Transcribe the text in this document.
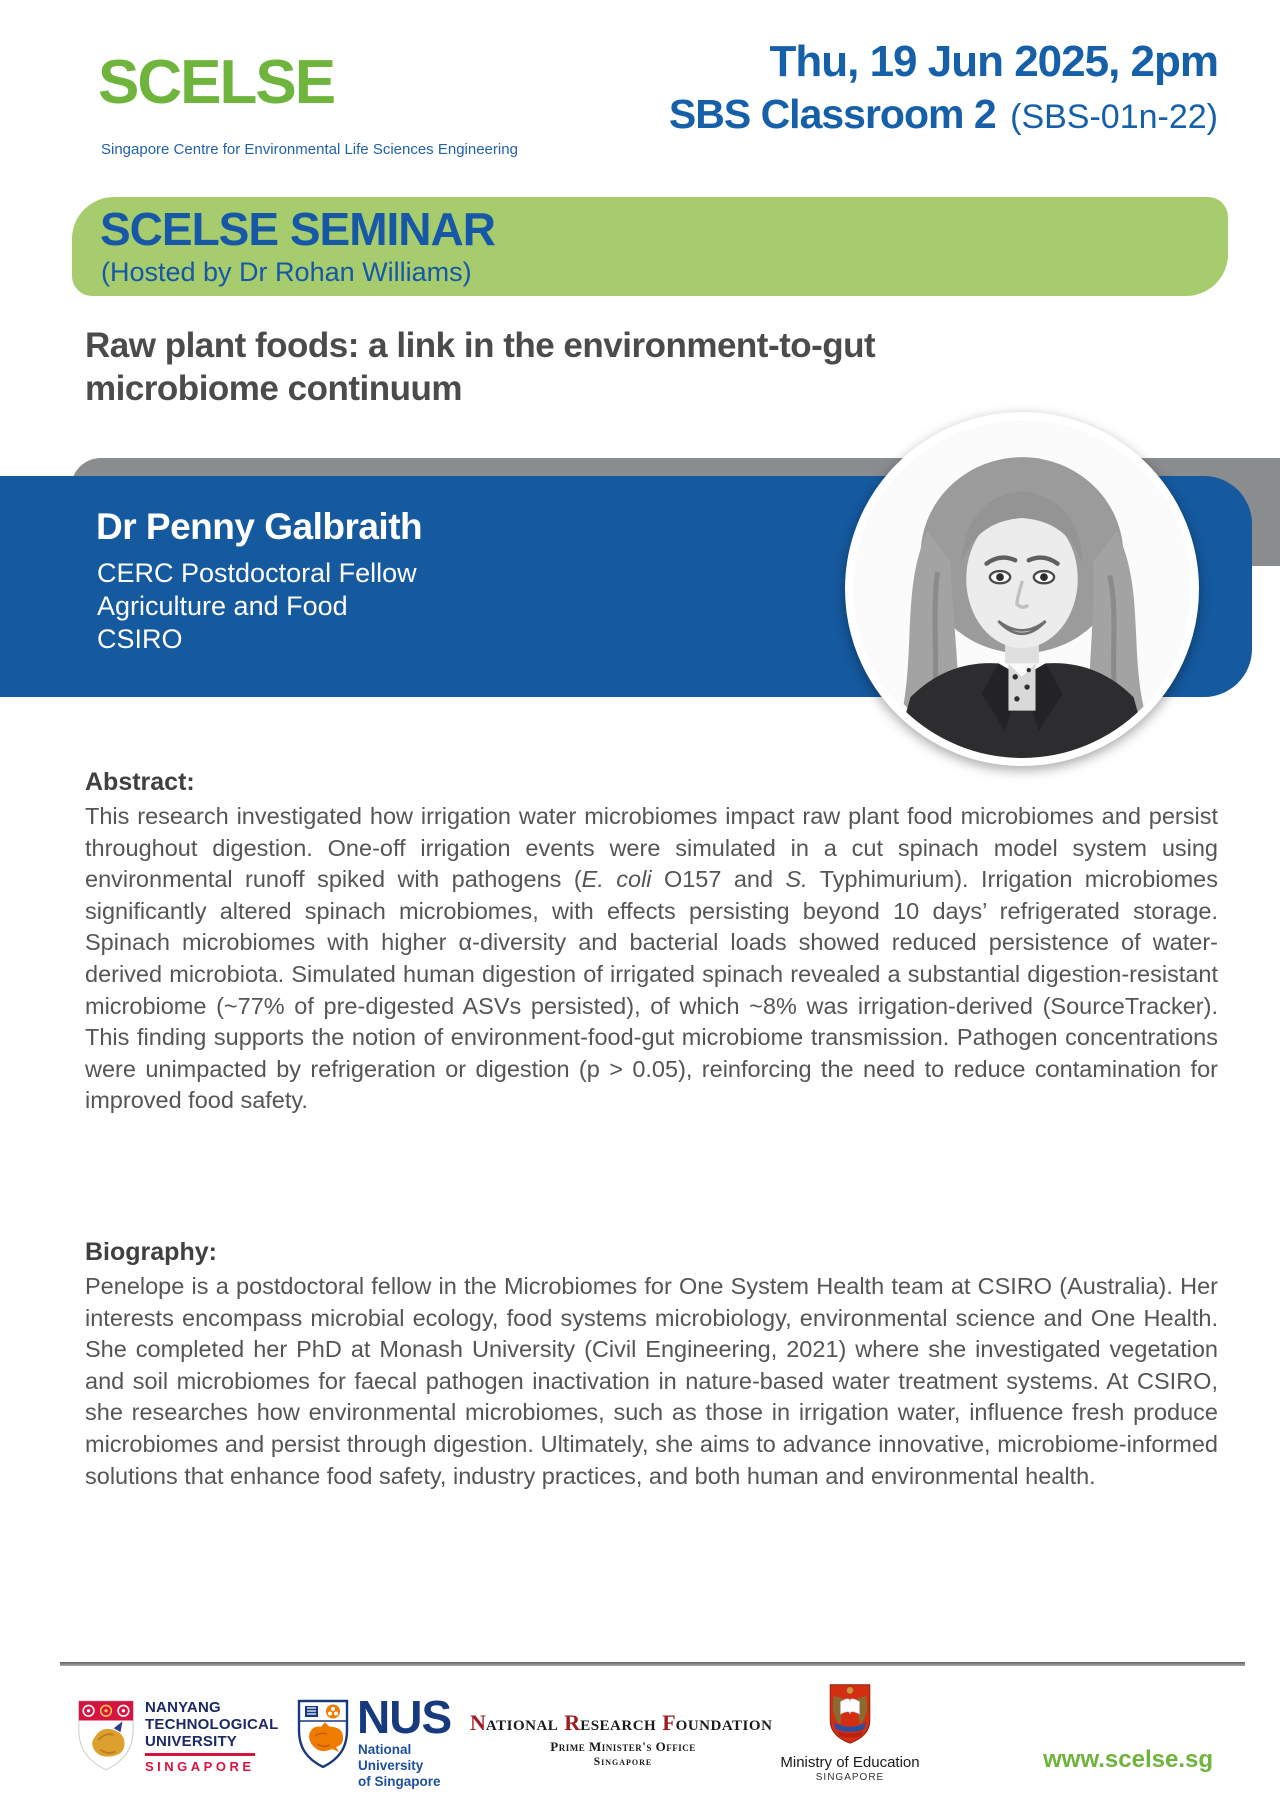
SCELSE
Singapore Centre for Environmental Life Sciences Engineering
Thu, 19 Jun 2025, 2pm
SBS Classroom 2 (SBS-01n-22)
SCELSE SEMINAR
(Hosted by Dr Rohan Williams)
Raw plant foods: a link in the environment-to-gut microbiome continuum
Dr Penny Galbraith
CERC Postdoctoral Fellow
Agriculture and Food
CSIRO
Abstract:
This research investigated how irrigation water microbiomes impact raw plant food microbiomes and persist throughout digestion. One-off irrigation events were simulated in a cut spinach model system using environmental runoff spiked with pathogens (E. coli O157 and S. Typhimurium). Irrigation microbiomes significantly altered spinach microbiomes, with effects persisting beyond 10 days’ refrigerated storage. Spinach microbiomes with higher α-diversity and bacterial loads showed reduced persistence of water-derived microbiota. Simulated human digestion of irrigated spinach revealed a substantial digestion-resistant microbiome (~77% of pre-digested ASVs persisted), of which ~8% was irrigation-derived (SourceTracker). This finding supports the notion of environment-food-gut microbiome transmission. Pathogen concentrations were unimpacted by refrigeration or digestion (p > 0.05), reinforcing the need to reduce contamination for improved food safety.
Biography:
Penelope is a postdoctoral fellow in the Microbiomes for One System Health team at CSIRO (Australia). Her interests encompass microbial ecology, food systems microbiology, environmental science and One Health. She completed her PhD at Monash University (Civil Engineering, 2021) where she investigated vegetation and soil microbiomes for faecal pathogen inactivation in nature-based water treatment systems. At CSIRO, she researches how environmental microbiomes, such as those in irrigation water, influence fresh produce microbiomes and persist through digestion. Ultimately, she aims to advance innovative, microbiome-informed solutions that enhance food safety, industry practices, and both human and environmental health.
NANYANG
TECHNOLOGICAL
UNIVERSITY
SINGAPORE
NUS
National University
of Singapore
NATIONAL RESEARCH FOUNDATION
Prime Minister's Office
Singapore	Ministry of Education
SINGAPORE
www.scelse.sg
